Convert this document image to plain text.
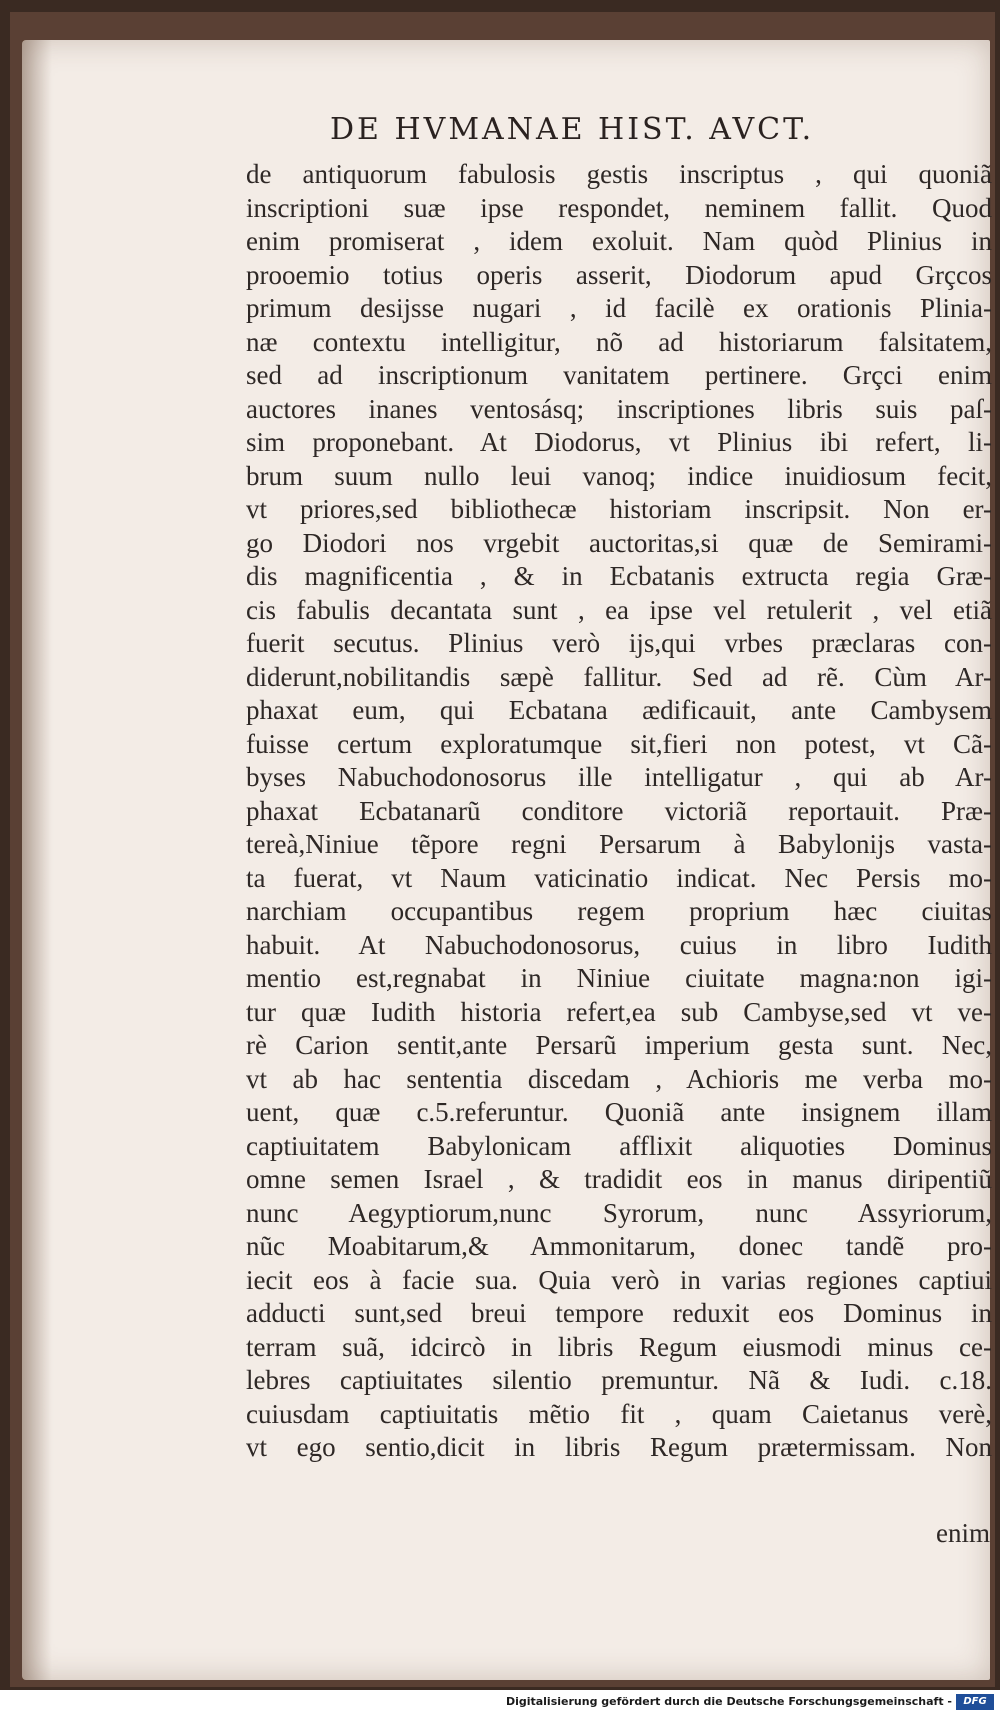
DE HVMANAE HIST. AVCT.
de antiquorum fabulosis gestis inscriptus , qui quoniã
inscriptioni suæ ipse respondet, neminem fallit. Quod
enim promiserat , idem exoluit. Nam quòd Plinius in
prooemio totius operis asserit, Diodorum apud Grçcos
primum desijsse nugari , id facilè ex orationis Plinia-
næ contextu intelligitur, nõ ad historiarum falsitatem,
sed ad inscriptionum vanitatem pertinere. Grçci enim
auctores inanes ventosásq; inscriptiones libris suis paſ-
sim proponebant. At Diodorus, vt Plinius ibi refert, li-
brum suum nullo leui vanoq; indice inuidiosum fecit,
vt priores,sed bibliothecæ historiam inscripsit. Non er-
go Diodori nos vrgebit auctoritas,si quæ de Semirami-
dis magnificentia , & in Ecbatanis extructa regia Græ-
cis fabulis decantata sunt , ea ipse vel retulerit , vel etiã
fuerit secutus. Plinius verò ijs,qui vrbes præclaras con-
diderunt,nobilitandis sæpè fallitur. Sed ad rẽ. Cùm Ar-
phaxat eum, qui Ecbatana ædificauit, ante Cambysem
fuisse certum exploratumque sit,fieri non potest, vt Cã-
byses Nabuchodonosorus ille intelligatur , qui ab Ar-
phaxat Ecbatanarũ conditore victoriã reportauit. Præ-
tereà,Niniue tẽpore regni Persarum à Babylonijs vasta-
ta fuerat, vt Naum vaticinatio indicat. Nec Persis mo-
narchiam occupantibus regem proprium hæc ciuitas
habuit. At Nabuchodonosorus, cuius in libro Iudith
mentio est,regnabat in Niniue ciuitate magna:non igi-
tur quæ Iudith historia refert,ea sub Cambyse,sed vt ve-
rè Carion sentit,ante Persarũ imperium gesta sunt. Nec,
vt ab hac sententia discedam , Achioris me verba mo-
uent, quæ c.5.referuntur. Quoniã ante insignem illam
captiuitatem Babylonicam afflixit aliquoties Dominus
omne semen Israel , & tradidit eos in manus diripentiũ
nunc Aegyptiorum,nunc Syrorum, nunc Assyriorum,
nũc Moabitarum,& Ammonitarum, donec tandẽ pro-
iecit eos à facie sua. Quia verò in varias regiones captiui
adducti sunt,sed breui tempore reduxit eos Dominus in
terram suã, idcircò in libris Regum eiusmodi minus ce-
lebres captiuitates silentio premuntur. Nã & Iudi. c.18.
cuiusdam captiuitatis mẽtio fit , quam Caietanus verè,
vt ego sentio,dicit in libris Regum prætermissam. Non
enim
Digitalisierung gefördert durch die Deutsche Forschungsgemeinschaft -	DFG
